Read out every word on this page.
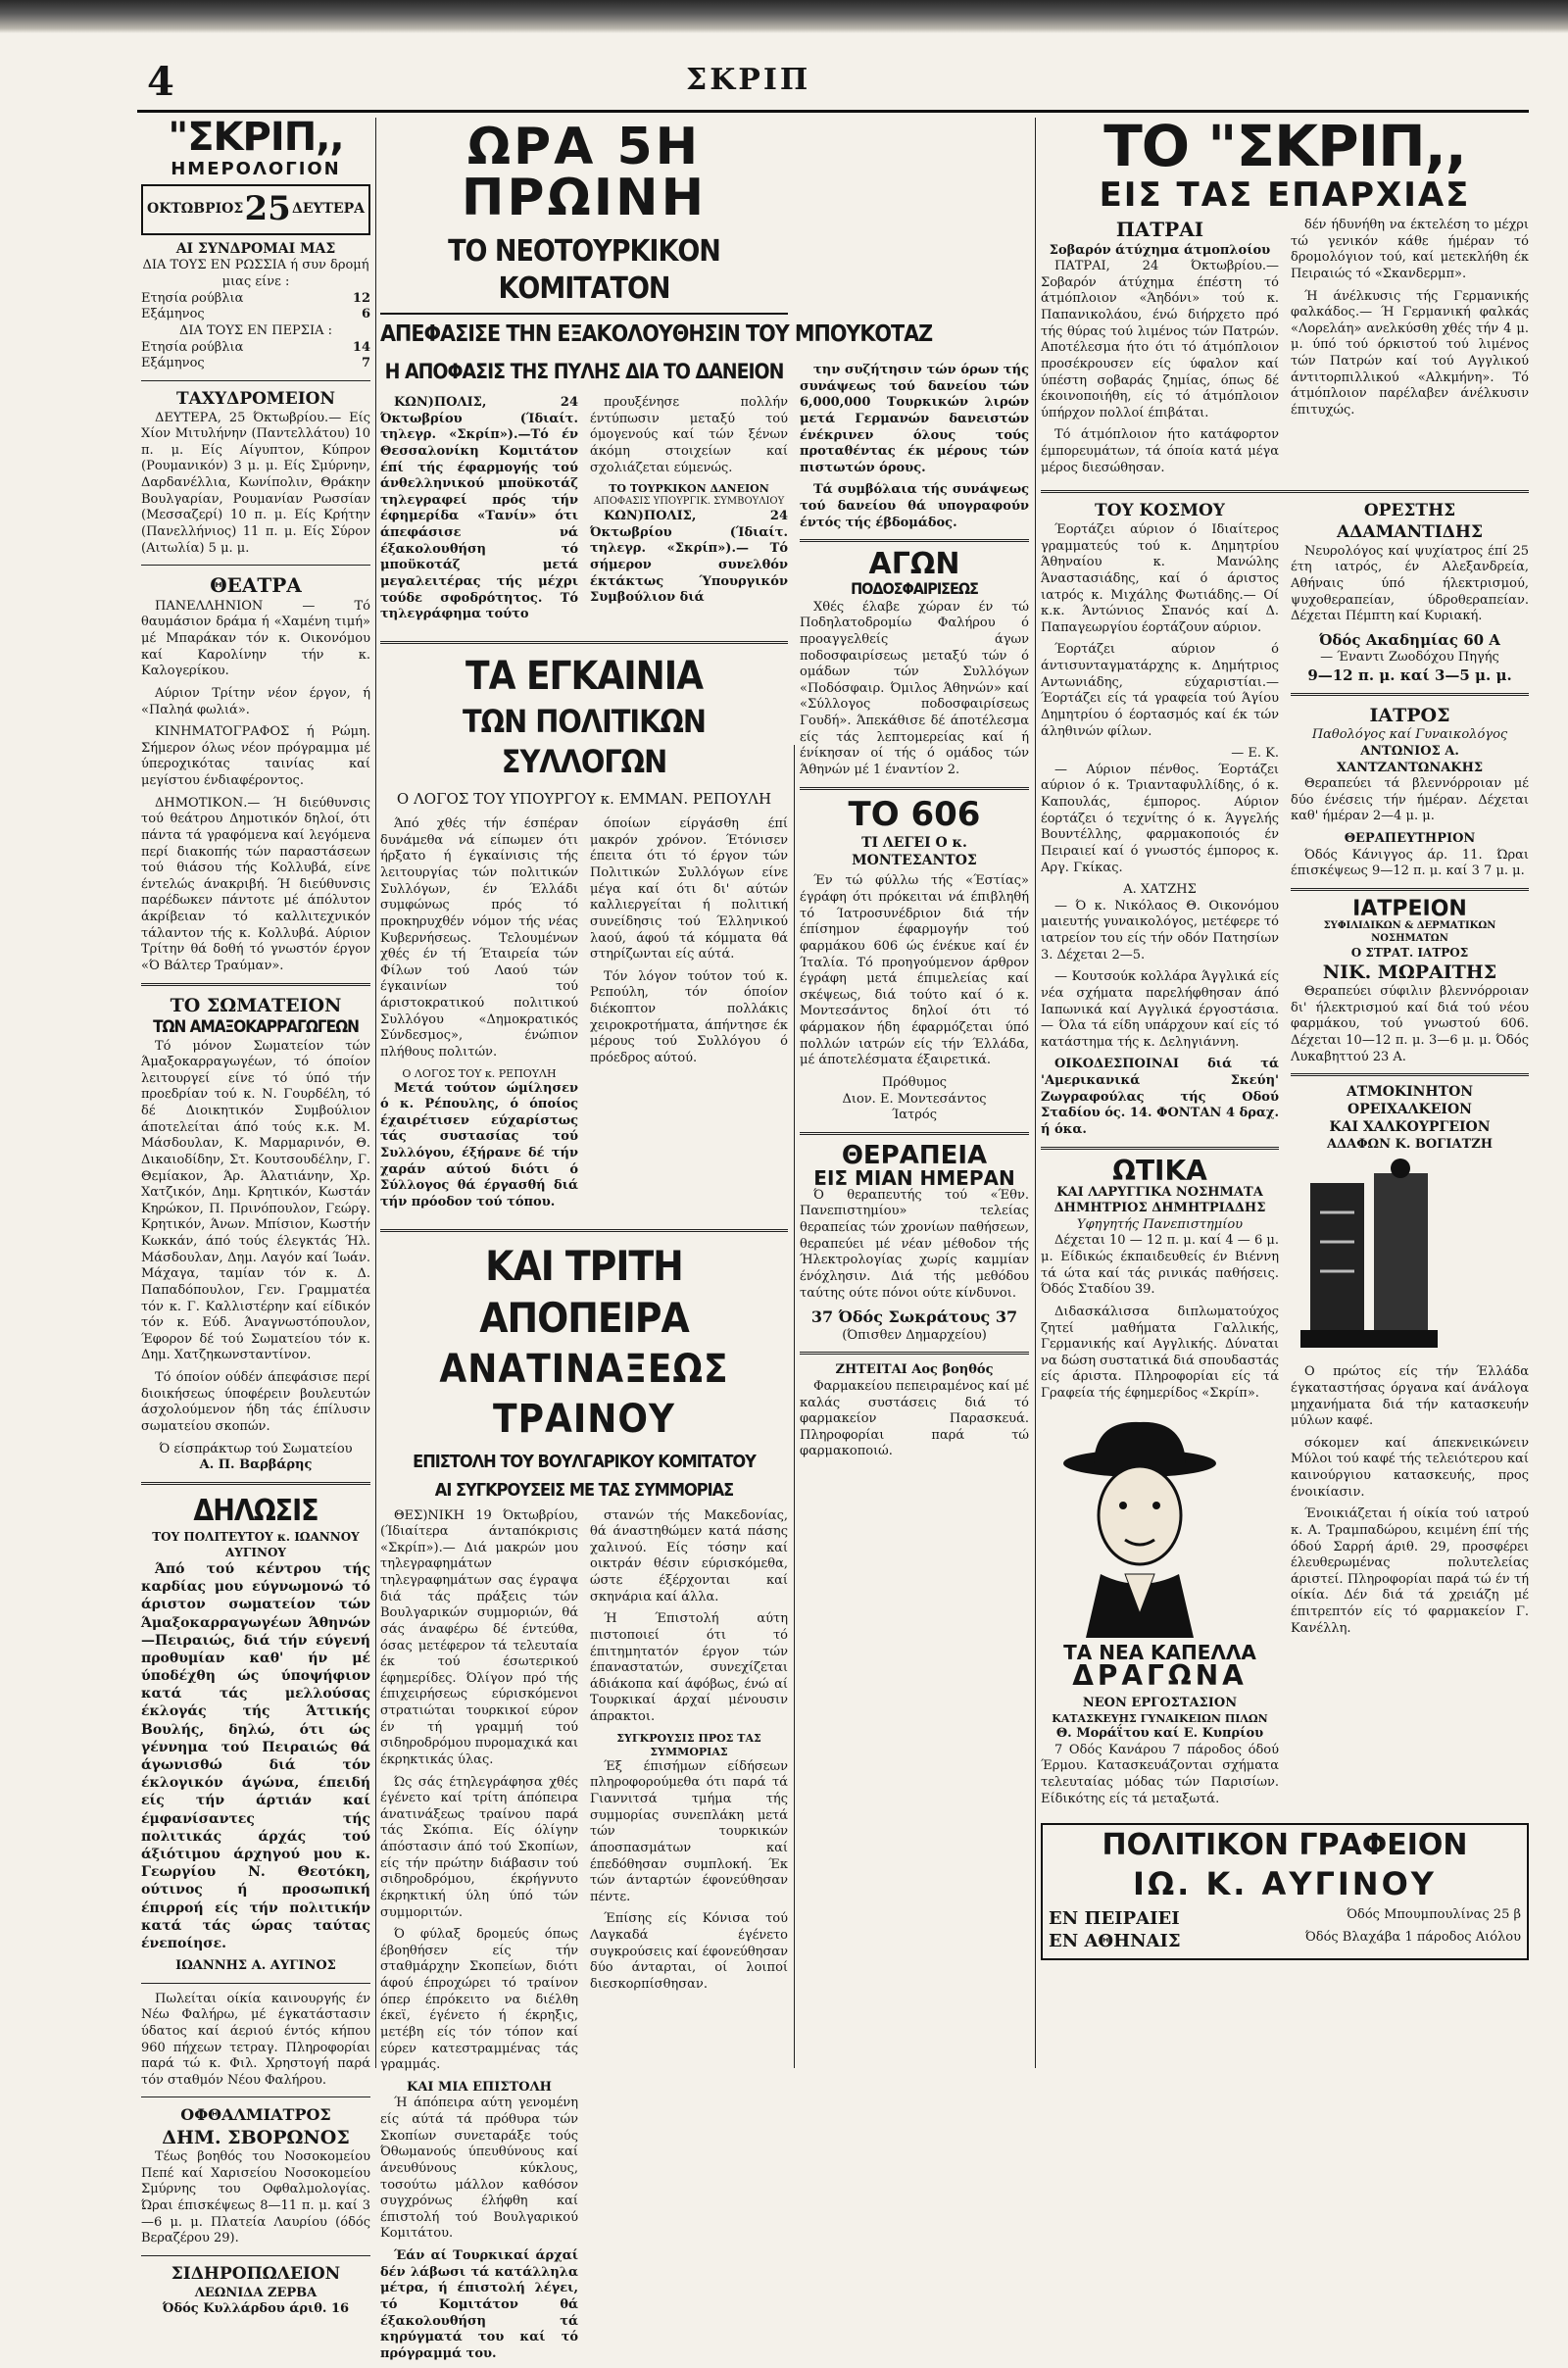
4	ΣΚΡΙΠ
"ΣΚΡΙΠ,,
ΗΜΕΡΟΛΟΓΙΟΝ
ΟΚΤΩΒΡΙΟΣ 25 ΔΕΥΤΕΡΑ
ΑΙ ΣΥΝΔΡΟΜΑΙ ΜΑΣ
ΔΙΑ ΤΟΥΣ ΕΝ ΡΩΣΣΙΑ ή συν δρομή μιας είνε :
Ετησία ρούβλια	12
Εξάμηνος	6
ΔΙΑ ΤΟΥΣ ΕΝ ΠΕΡΣΙΑ :
Ετησία ρούβλια	14
Εξάμηνος	7
ΤΑΧΥΔΡΟΜΕΙΟΝ

ΔΕΥΤΕΡΑ, 25 Όκτωβρίου.— Είς Χίον Μιτυλήνην (Παντελλάτου) 10 π. μ. Είς Αίγυπτον, Κύπρον (Ρουμανικόν) 3 μ. μ. Είς Σμύρνην, Δαρδανέλλια, Κωνίπολιν, Θράκην Βουλγαρίαν, Ρουμανίαν Ρωσσίαν (Μεσσαζερί) 10 π. μ. Είς Κρήτην (Πανελλήνιος) 11 π. μ. Είς Σύρον (Αιτωλία) 5 μ. μ.

ΘΕΑΤΡΑ

ΠΑΝΕΛΛΗΝΙΟΝ — Τό θαυμάσιον δράμα ή «Χαμένη τιμή» μέ Μπαράκαν τόν κ. Οικονόμου καί Καρολίνην τήν κ. Καλογερίκου.

Αύριον Τρίτην νέον έργον, ή «Παληά φωλιά».

ΚΙΝΗΜΑΤΟΓΡΑΦΟΣ ή Ρώμη. Σήμερον όλως νέον πρόγραμμα μέ ύπεροχικότας ταινίας καί μεγίστου ένδιαφέροντος.

ΔΗΜΟΤΙΚΟΝ.— Ή διεύθυνσις τού θεάτρου Δημοτικόν δηλοί, ότι πάντα τά γραφόμενα καί λεγόμενα περί διακοπής τών παραστάσεων τού θιάσου τής Κολλυβά, είνε έντελώς άνακριβή. Ή διεύθυνσις παρέδωκεν πάντοτε μέ άπόλυτον άκρίβειαν τό καλλιτεχνικόν τάλαντον τής κ. Κολλυβά. Αύριον Τρίτην θά δοθή τό γνωστόν έργον «Ό Βάλτερ Τραύμαν».

ΤΟ ΣΩΜΑΤΕΙΟΝ
ΤΩΝ ΑΜΑΞΟΚΑΡΡΑΓΩΓΕΩΝ

Τό μόνον Σωματείον τών Άμαξοκαρραγωγέων, τό όποίον λειτουργεί είνε τό ύπό τήν προεδρίαν τού κ. Ν. Γουρδέλη, τό δέ Διοικητικόν Συμβούλιον άποτελείται άπό τούς κ.κ. Μ. Μάσδουλαν, Κ. Μαρμαρινόν, Θ. Δικαιοδίδην, Στ. Κουτσουδέλην, Γ. Θεμίακον, Άρ. Άλατιάνην, Χρ. Χατζικόν, Δημ. Κρητικόν, Κωστάν Κηρώκον, Π. Πρινόπουλον, Γεώργ. Κρητικόν, Άνων. Μπίσιον, Κωστήν Κωκκάν, άπό τούς έλεγκτάς Ήλ. Μάσδουλαν, Δημ. Λαγόν καί Ίωάν. Μάχαγα, ταμίαν τόν κ. Δ. Παπαδόπουλον, Γεν. Γραμματέα τόν κ. Γ. Καλλιστέρην καί είδικόν τόν κ. Εύδ. Άναγνωστόπουλον, Έφορον δέ τού Σωματείου τόν κ. Δημ. Χατζηκωνσταντίνον.

Τό όποίον ούδέν άπεφάσισε περί διοικήσεως ύποφέρειν βουλευτών άσχολούμενον ήδη τάς έπίλυσιν σωματείου σκοπών.

Ό είσπράκτωρ τού Σωματείου
Α. Π. Βαρβάρης
ΔΗΛΩΣΙΣ
ΤΟΥ ΠΟΛΙΤΕΥΤΟΥ κ. ΙΩΑΝΝΟΥ ΑΥΓΙΝΟΥ

Άπό τού κέντρου τής καρδίας μου εύγνωμονώ τό άριστον σωματείον τών Άμαξοκαρραγωγέων Άθηνών—Πειραιώς, διά τήν εύγενή προθυμίαν καθ' ήν μέ ύποδέχθη ώς ύποψήφιον κατά τάς μελλούσας έκλογάς τής Άττικής Βουλής, δηλώ, ότι ώς γέννημα τού Πειραιώς θά άγωνισθώ διά τόν έκλογικόν άγώνα, έπειδή είς τήν άρτιάν καί έμφανίσαντες τής πολιτικάς άρχάς τού άξιότιμου άρχηγού μου κ. Γεωργίου Ν. Θεοτόκη, ούτινος ή προσωπική έπιρροή είς τήν πολιτικήν κατά τάς ώρας ταύτας ένεποίησε.

ΙΩΑΝΝΗΣ Α. ΑΥΓΙΝΟΣ

Πωλείται οίκία καινουργής έν Νέω Φαλήρω, μέ έγκατάστασιν ύδατος καί άεριού έντός κήπου 960 πήχεων τετραγ. Πληροφορίαι παρά τώ κ. Φιλ. Χρηστογή παρά τόν σταθμόν Νέου Φαλήρου.

ΟΦΘΑΛΜΙΑΤΡΟΣ
ΔΗΜ. ΣΒΟΡΩΝΟΣ

Τέως βοηθός του Νοσοκομείου Πεπέ καί Χαρισείου Νοσοκομείου Σμύρνης του Οφθαλμολογίας. Ώραι έπισκέψεως 8—11 π. μ. καί 3—6 μ. μ. Πλατεία Λαυρίου (όδός Βεραζέρου 29).

ΣΙΔΗΡΟΠΩΛΕΙΟΝ
ΛΕΩΝΙΔΑ ΖΕΡΒΑ
Όδός Κυλλάρδου άριθ. 16
ΩΡΑ 5Η ΠΡΩΙΝΗ
ΤΟ ΝΕΟΤΟΥΡΚΙΚΟΝ ΚΟΜΙΤΑΤΟΝ
ΑΠΕΦΑΣΙΣΕ ΤΗΝ ΕΞΑΚΟΛΟΥΘΗΣΙΝ ΤΟΥ ΜΠΟΥΚΟΤΑΖ
Η ΑΠΟΦΑΣΙΣ ΤΗΣ ΠΥΛΗΣ ΔΙΑ ΤΟ ΔΑΝΕΙΟΝ

ΚΩΝ)ΠΟΛΙΣ, 24 Όκτωβρίου (Ίδιαίτ. τηλεγρ. «Σκρίπ»).—Τό έν Θεσσαλονίκη Κομιτάτον έπί τής έφαρμογής τού άνθελληνικού μποϋκοτάζ τηλεγραφεί πρός τήν έφημερίδα «Τανίν» ότι άπεφάσισε νά έξακολουθήση τό μποϋκοτάζ μετά μεγαλειτέρας τής μέχρι τούδε σφοδρότητος. Τό τηλεγράφημα τούτο

προυξένησε πολλήν έντύπωσιν μεταξύ τού όμογενούς καί τών ξένων άκόμη στοιχείων καί σχολιάζεται εύμενώς.

ΤΟ ΤΟΥΡΚΙΚΟΝ ΔΑΝΕΙΟΝ
ΑΠΟΦΑΣΙΣ ΥΠΟΥΡΓΙΚ. ΣΥΜΒΟΥΛΙΟΥ

ΚΩΝ)ΠΟΛΙΣ, 24 Όκτωβρίου (Ίδιαίτ. τηλεγρ. «Σκρίπ»).— Τό σήμερον συνελθόν έκτάκτως Ύπουργικόν Συμβούλιον διά

ΤΑ ΕΓΚΑΙΝΙΑ
ΤΩΝ ΠΟΛΙΤΙΚΩΝ ΣΥΛΛΟΓΩΝ
Ο ΛΟΓΟΣ ΤΟΥ ΥΠΟΥΡΓΟΥ κ. ΕΜΜΑΝ. ΡΕΠΟΥΛΗ

Άπό χθές τήν έσπέραν δυνάμεθα νά είπωμεν ότι ήρξατο ή έγκαίνισις τής λειτουργίας τών πολιτικών Συλλόγων, έν Έλλάδι συμφώνως πρός τό προκηρυχθέν νόμον τής νέας Κυβερνήσεως. Τελουμένων χθές έν τή Έταιρεία τών Φίλων τού Λαού τών έγκαινίων τού άριστοκρατικού πολιτικού Συλλόγου «Δημοκρατικός Σύνδεσμος», ένώπιον πλήθους πολιτών.

Ο ΛΟΓΟΣ ΤΟΥ κ. ΡΕΠΟΥΛΗ

Μετά τούτον ώμίλησεν ό κ. Ρέπουλης, ό όποίος έχαιρέτισεν εύχαρίστως τάς συστασίας τού Συλλόγου, έξήρανε δέ τήν χαράν αύτού διότι ό Σύλλογος θά έργασθή διά τήν πρόοδον τού τόπου.

όποίων είργάσθη έπί μακρόν χρόνον. Έτόνισεν έπειτα ότι τό έργον τών Πολιτικών Συλλόγων είνε μέγα καί ότι δι' αύτών καλλιεργείται ή πολιτική συνείδησις τού Έλληνικού λαού, άφού τά κόμματα θά στηρίζωνται είς αύτά.

Τόν λόγον τούτον τού κ. Ρεπούλη, τόν όποίον διέκοπτον πολλάκις χειροκροτήματα, άπήντησε έκ μέρους τού Συλλόγου ό πρόεδρος αύτού.

ΚΑΙ ΤΡΙΤΗ ΑΠΟΠΕΙΡΑ
ΑΝΑΤΙΝΑΞΕΩΣ ΤΡΑΙΝΟΥ
ΕΠΙΣΤΟΛΗ ΤΟΥ ΒΟΥΛΓΑΡΙΚΟΥ ΚΟΜΙΤΑΤΟΥ
ΑΙ ΣΥΓΚΡΟΥΣΕΙΣ ΜΕ ΤΑΣ ΣΥΜΜΟΡΙΑΣ

ΘΕΣ)ΝΙΚΗ 19 Όκτωβρίου, (Ίδιαίτερα άνταπόκρισις «Σκρίπ»).— Διά μακρών μου τηλεγραφημάτων τηλεγραφημάτων σας έγραψα διά τάς πράξεις τών Βουλγαρικών συμμοριών, θά σάς άναφέρω δέ έντεύθα, όσας μετέφερον τά τελευταία έκ τού έσωτερικού έφημερίδες. Όλίγον πρό τής έπιχειρήσεως εύρισκόμενοι στρατιώται τουρκικοί εύρον έν τή γραμμή τού σιδηροδρόμου πυρομαχικά και έκρηκτικάς ύλας.

Ώς σάς έτηλεγράφησα χθές έγένετο καί τρίτη άπόπειρα άνατινάξεως τραίνου παρά τάς Σκόπια. Είς όλίγην άπόστασιν άπό τού Σκοπίων, είς τήν πρώτην διάβασιν τού σιδηροδρόμου, έκρήγνυτο έκρηκτική ύλη ύπό τών συμμοριτών.

Ό φύλαξ δρομεύς όπως έβοηθήσεν είς τήν σταθμάρχην Σκοπείων, διότι άφού έπροχώρει τό τραίνον όπερ έπρόκειτο να διέλθη έκεϊ, έγένετο ή έκρηξις, μετέβη είς τόν τόπον καί εύρεν κατεστραμμένας τάς γραμμάς.

ΚΑΙ ΜΙΑ ΕΠΙΣΤΟΛΗ

Ή άπόπειρα αύτη γενομένη είς αύτά τά πρόθυρα τών Σκοπίων συνεταράξε τούς Όθωμανούς ύπευθύνους καί άνευθύνους κύκλους, τοσούτω μάλλον καθόσον συγχρόνως έλήφθη καί έπιστολή τού Βουλγαρικού Κομιτάτου.

Έάν αί Τουρκικαί άρχαί δέν λάβωσι τά κατάλληλα μέτρα, ή έπιστολή λέγει, τό Κομιτάτον θά έξακολουθήση τά κηρύγματά του καί τό πρόγραμμά του.

στανών τής Μακεδονίας, θά άναστηθώμεν κατά πάσης χαλινού. Είς τόσην καί οικτράν θέσιν εύρισκόμεθα, ώστε έξέρχονται καί σκηνάρια καί άλλα.

Ή Έπιστολή αύτη πιστοποιεί ότι τό έπιτημητατόν έργον τών έπαναστατών, συνεχίζεται άδιάκοπα καί άφόβως, ένώ αί Τουρκικαί άρχαί μένουσιν άπρακτοι.

ΣΥΓΚΡΟΥΣΙΣ ΠΡΟΣ ΤΑΣ ΣΥΜΜΟΡΙΑΣ

Έξ έπισήμων είδήσεων πληροφορούμεθα ότι παρά τά Γιαννιτσά τμήμα τής συμμορίας συνεπλάκη μετά τών τουρκικών άποσπασμάτων καί έπεδόθησαν συμπλοκή. Έκ τών άνταρτών έφονεύθησαν πέντε.

Έπίσης είς Κόνισα τού Λαγκαδά έγένετο συγκρούσεις καί έφονεύθησαν δύο άνταρται, οί λοιποί διεσκορπίσθησαν.

την συζήτησιν τών όρων τής συνάψεως τού δανείου τών 6,000,000 Τουρκικών λιρών μετά Γερμανών δανειστών ένέκρινεν όλους τούς προταθέντας έκ μέρους τών πιστωτών όρους.

Τά συμβόλαια τής συνάψεως τού δανείου θά υπογραφούν έντός τής έβδομάδος.

ΑΓΩΝ
ΠΟΔΟΣΦΑΙΡΙΣΕΩΣ

Χθές έλαβε χώραν έν τώ Ποδηλατοδρομίω Φαλήρου ό προαγγελθείς άγων ποδοσφαιρίσεως μεταξύ τών ό ομάδων τών Συλλόγων «Ποδόσφαιρ. Όμιλος Άθηνών» καί «Σύλλογος ποδοσφαιρίσεως Γουδή». Άπεκάθισε δέ άποτέλεσμα είς τάς λεπτομερείας καί ή ένίκησαν οί τής ό ομάδος τών Άθηνών μέ 1 έναντίον 2.

ΤΟ 606
ΤΙ ΛΕΓΕΙ Ο κ. ΜΟΝΤΕΣΑΝΤΟΣ

Έν τώ φύλλω τής «Έστίας» έγράφη ότι πρόκειται νά έπιβληθή τό Ίατροσυνέδριον διά τήν έπίσημον έφαρμογήν τού φαρμάκου 606 ώς ένέκυε καί έν Ίταλία. Τό προηγούμενον άρθρον έγράφη μετά έπιμελείας καί σκέψεως, διά τούτο καί ό κ. Μοντεσάντος δηλοί ότι τό φάρμακον ήδη έφαρμόζεται ύπό πολλών ιατρών είς τήν Έλλάδα, μέ άποτελέσματα έξαιρετικά.

Πρόθυμος
Διον. Ε. Μοντεσάντος
Ίατρός
ΘΕΡΑΠΕΙΑ
ΕΙΣ ΜΙΑΝ ΗΜΕΡΑΝ

Ό θεραπευτής τού «Έθν. Πανεπιστημίου» τελείας θεραπείας τών χρονίων παθήσεων, θεραπεύει μέ νέαν μέθοδον τής Ήλεκτρολογίας χωρίς καμμίαν ένόχλησιν. Διά τής μεθόδου ταύτης ούτε πόνοι ούτε κίνδυνοι.

37 Όδός Σωκράτους 37
(Όπισθεν Δημαρχείου)
ΖΗΤΕΙΤΑΙ Αος βοηθός

Φαρμακείου πεπειραμένος καί μέ καλάς συστάσεις διά τό φαρμακείον Παρασκευά. Πληροφορίαι παρά τώ φαρμακοποιώ.

ΤΟ "ΣΚΡΙΠ,,
ΕΙΣ ΤΑΣ ΕΠΑΡΧΙΑΣ
ΠΑΤΡΑΙ
Σοβαρόν άτύχημα άτμοπλοίου

ΠΑΤΡΑΙ, 24 Όκτωβρίου.— Σοβαρόν άτύχημα έπέστη τό άτμόπλοιον «Άηδόνι» τού κ. Παπανικολάου, ένώ διήρχετο πρό τής θύρας τού λιμένος τών Πατρών. Αποτέλεσμα ήτο ότι τό άτμόπλοιον προσέκρουσεν είς ύφαλον καί ύπέστη σοβαράς ζημίας, όπως δέ έκοινοποιήθη, είς τό άτμόπλοιον ύπήρχον πολλοί έπιβάται.

Τό άτμόπλοιον ήτο κατάφορτον έμπορευμάτων, τά όποία κατά μέγα μέρος διεσώθησαν.

δέν ήδυνήθη να έκτελέση το μέχρι τώ γενικόν κάθε ήμέραν τό δρομολόγιον τού, καί μετεκλήθη έκ Πειραιώς τό «Σκανδερμπ».

Ή άνέλκυσις τής Γερμανικής φαλκάδος.— Ή Γερμανική φαλκάς «Λορελάη» ανελκύσθη χθές τήν 4 μ. μ. ύπό τού όρκιστού τού λιμένος τών Πατρών καί τού Αγγλικού άντιτορπιλλικού «Αλκμήνη». Τό άτμόπλοιον παρέλαβεν άνέλκυσιν έπιτυχώς.

ΤΟΥ ΚΟΣΜΟΥ

Έορτάζει αύριον ό Ιδιαίτερος γραμματεύς τού κ. Δημητρίου Άθηναίου κ. Μανώλης Άναστασιάδης, καί ό άριστος ιατρός κ. Μιχάλης Φωτιάδης.— Οί κ.κ. Άντώνιος Σπανός καί Δ. Παπαγεωργίου έορτάζουν αύριον.

Έορτάζει αύριον ό άντισυνταγματάρχης κ. Δημήτριος Αντωνιάδης, εύχαριστίαι.— Έορτάζει είς τά γραφεία τού Άγίου Δημητρίου ό έορτασμός καί έκ τών άληθινών φίλων.

— Ε. Κ.

— Αύριον πένθος. Έορτάζει αύριον ό κ. Τριανταφυλλίδης, ό κ. Καπουλάς, έμπορος. Αύριον έορτάζει ό τεχνίτης ό κ. Άγγελής Βουντέλλης, φαρμακοποιός έν Πειραιεί καί ό γνωστός έμπορος κ. Αργ. Γκίκας.

Α. ΧΑΤΖΗΣ

— Ό κ. Νικόλαος Θ. Οικονόμου μαιευτής γυναικολόγος, μετέφερε τό ιατρείον του είς τήν οδόν Πατησίων 3. Δέχεται 2—5.

— Κουτσούκ κολλάρα Άγγλικά είς νέα σχήματα παρελήφθησαν άπό Ιαπωνικά καί Αγγλικά έργοστάσια.— Όλα τά είδη υπάρχουν καί είς τό κατάστημα τής κ. Δεληγιάννη.

ΟΙΚΟΔΕΣΠΟΙΝΑΙ διά τά 'Αμερικανικά Σκεύη' Ζωγραφούλας τής Οδού Σταδίου ός. 14. ΦΟΝΤΑΝ 4 δραχ. ή όκα.

ΩΤΙΚΑ
ΚΑΙ ΛΑΡΥΓΓΙΚΑ ΝΟΣΗΜΑΤΑ
ΔΗΜΗΤΡΙΟΣ ΔΗΜΗΤΡΙΑΔΗΣ
Υφηγητής Πανεπιστημίου

Δέχεται 10 — 12 π. μ. καί 4 — 6 μ. μ. Είδικώς έκπαιδευθείς έν Βιέννη τά ώτα καί τάς ρινικάς παθήσεις. Όδός Σταδίου 39.

Διδασκάλισσα διπλωματούχος ζητεί μαθήματα Γαλλικής, Γερμανικής καί Αγγλικής. Δύναται να δώση συστατικά διά σπουδαστάς είς άριστα. Πληροφορίαι είς τά Γραφεία τής έφημερίδος «Σκρίπ».

ΤΑ ΝΕΑ ΚΑΠΕΛΛΑ
ΔΡΑΓΩΝΑ
ΝΕΟΝ ΕΡΓΟΣΤΑΣΙΟΝ
ΚΑΤΑΣΚΕΥΗΣ ΓΥΝΑΙΚΕΙΩΝ ΠΙΛΩΝ
Θ. Μοράΐτου καί Ε. Κυπρίου

7 Οδός Κανάρου 7 πάροδος όδού Έρμου. Κατασκευάζονται σχήματα τελευταίας μόδας τών Παρισίων. Είδικότης είς τά μεταξωτά.

ΟΡΕΣΤΗΣ ΑΔΑΜΑΝΤΙΔΗΣ

Νευρολόγος καί ψυχίατρος έπί 25 έτη ιατρός, έν Αλεξανδρεία, Αθήναις ύπό ήλεκτρισμού, ψυχοθεραπείαν, ύδροθεραπείαν. Δέχεται Πέμπτη καί Κυριακή.

Όδός Ακαδημίας 60 Α
— Έναντι Ζωοδόχου Πηγής
9—12 π. μ. καί 3—5 μ. μ.
ΙΑΤΡΟΣ
Παθολόγος καί Γυναικολόγος
ΑΝΤΩΝΙΟΣ Α. ΧΑΝΤΖΑΝΤΩΝΑΚΗΣ

Θεραπεύει τά βλεννόρροιαν μέ δύο ένέσεις τήν ήμέραν. Δέχεται καθ' ήμέραν 2—4 μ. μ.

ΘΕΡΑΠΕΥΤΗΡΙΟΝ

Όδός Κάνιγγος άρ. 11. Ώραι έπισκέψεως 9—12 π. μ. καί 3 7 μ. μ.

ΙΑΤΡΕΙΟΝ
ΣΥΦΙΛΙΔΙΚΩΝ & ΔΕΡΜΑΤΙΚΩΝ ΝΟΣΗΜΑΤΩΝ
Ο ΣΤΡΑΤ. ΙΑΤΡΟΣ
ΝΙΚ. ΜΩΡΑΙΤΗΣ

Θεραπεύει σύφιλιν βλεννόρροιαν δι' ήλεκτρισμού καί διά τού νέου φαρμάκου, τού γνωστού 606. Δέχεται 10—12 π. μ. 3—6 μ. μ. Όδός Λυκαβηττού 23 Α.

ΑΤΜΟΚΙΝΗΤΟΝ ΟΡΕΙΧΑΛΚΕΙΟΝ
ΚΑΙ ΧΑΛΚΟΥΡΓΕΙΟΝ
ΑΔΑΦΩΝ Κ. ΒΟΓΙΑΤΖΗ

Ο πρώτος είς τήν Έλλάδα έγκαταστήσας όργανα καί άνάλογα μηχανήματα διά τήν κατασκευήν μύλων καφέ.

σόκομεν καί άπεκνεικώνειν Μύλοι τού καφέ τής τελειότερου καί καινούργιου κατασκευής, προς ένοικίασιν.

Ένοικιάζεται ή οίκία τού ιατρού κ. Α. Τραμπαδώρου, κειμένη έπί τής όδού Σαρρή άριθ. 29, προσφέρει έλευθερωμένας πολυτελείας άριστεί. Πληροφορίαι παρά τώ έν τή οίκία. Δέν διά τά χρειάζη μέ έπιτρεπτόν είς τό φαρμακείον Γ. Κανέλλη.

ΠΟΛΙΤΙΚΟΝ ΓΡΑΦΕΙΟΝ
ΙΩ. Κ. ΑΥΓΙΝΟΥ
ΕΝ ΠΕΙΡΑΙΕΙ	Όδός Μπουμπουλίνας 25 β
ΕΝ ΑΘΗΝΑΙΣ	Όδός Βλαχάβα 1 πάροδος Αιόλου
